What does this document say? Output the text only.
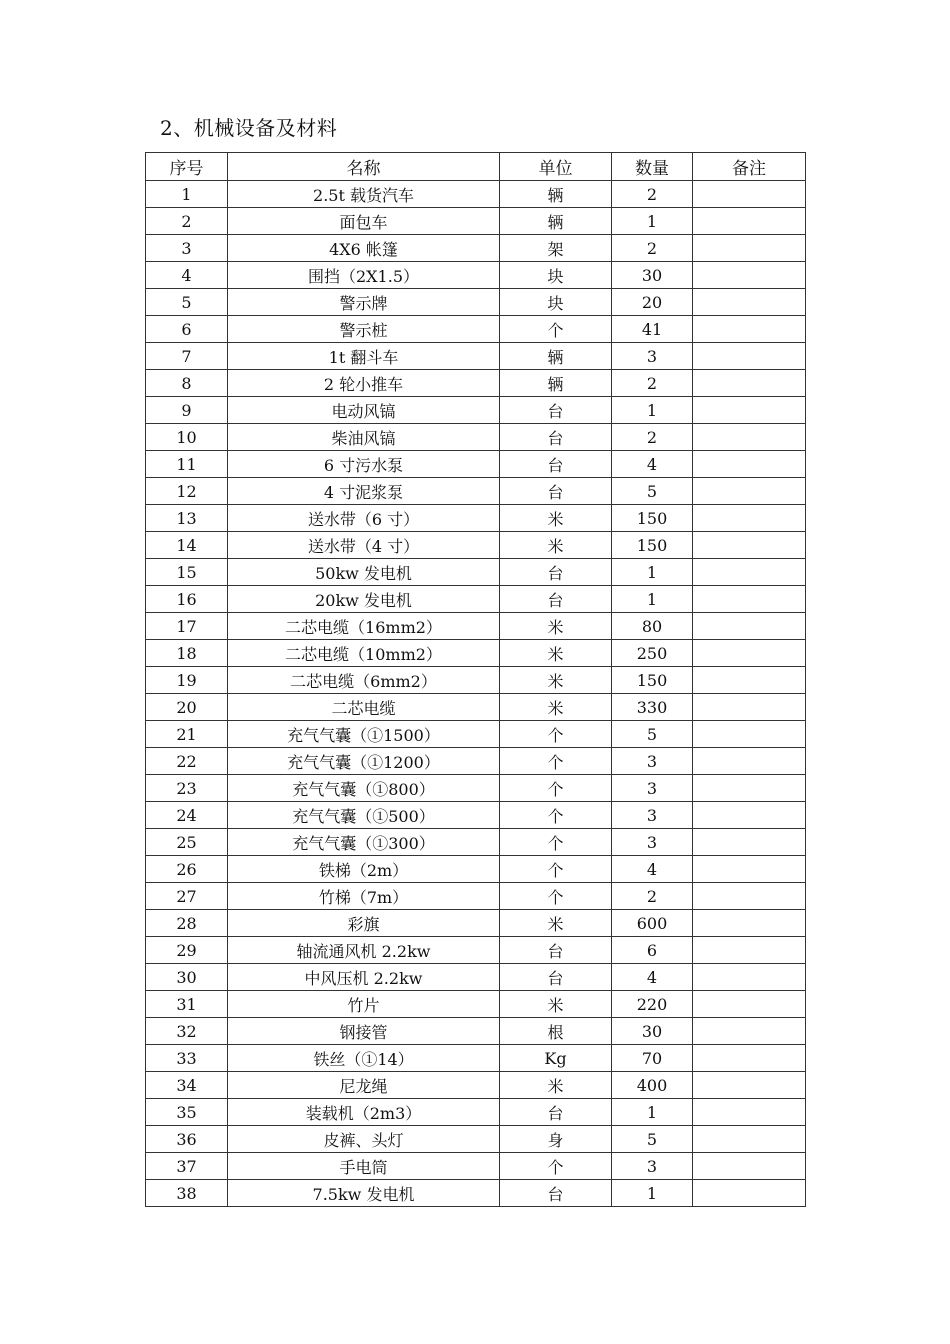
2、机械设备及材料
序号	名称	单位	数量	备注
1	2.5t 载货汽车	辆	2	
2	面包车	辆	1	
3	4X6 帐篷	架	2	
4	围挡（2X1.5）	块	30	
5	警示牌	块	20	
6	警示桩	个	41	
7	1t 翻斗车	辆	3	
8	2 轮小推车	辆	2	
9	电动风镐	台	1	
10	柴油风镐	台	2	
11	6 寸污水泵	台	4	
12	4 寸泥浆泵	台	5	
13	送水带（6 寸）	米	150	
14	送水带（4 寸）	米	150	
15	50kw 发电机	台	1	
16	20kw 发电机	台	1	
17	二芯电缆（16mm2）	米	80	
18	二芯电缆（10mm2）	米	250	
19	二芯电缆（6mm2）	米	150	
20	二芯电缆	米	330	
21	充气气囊（①1500）	个	5	
22	充气气囊（①1200）	个	3	
23	充气气囊（①800）	个	3	
24	充气气囊（①500）	个	3	
25	充气气囊（①300）	个	3	
26	铁梯（2m）	个	4	
27	竹梯（7m）	个	2	
28	彩旗	米	600	
29	轴流通风机 2.2kw	台	6	
30	中风压机 2.2kw	台	4	
31	竹片	米	220	
32	钢接管	根	30	
33	铁丝（①14）	Kg	70	
34	尼龙绳	米	400	
35	装载机（2m3）	台	1	
36	皮裤、头灯	身	5	
37	手电筒	个	3	
38	7.5kw 发电机	台	1	
